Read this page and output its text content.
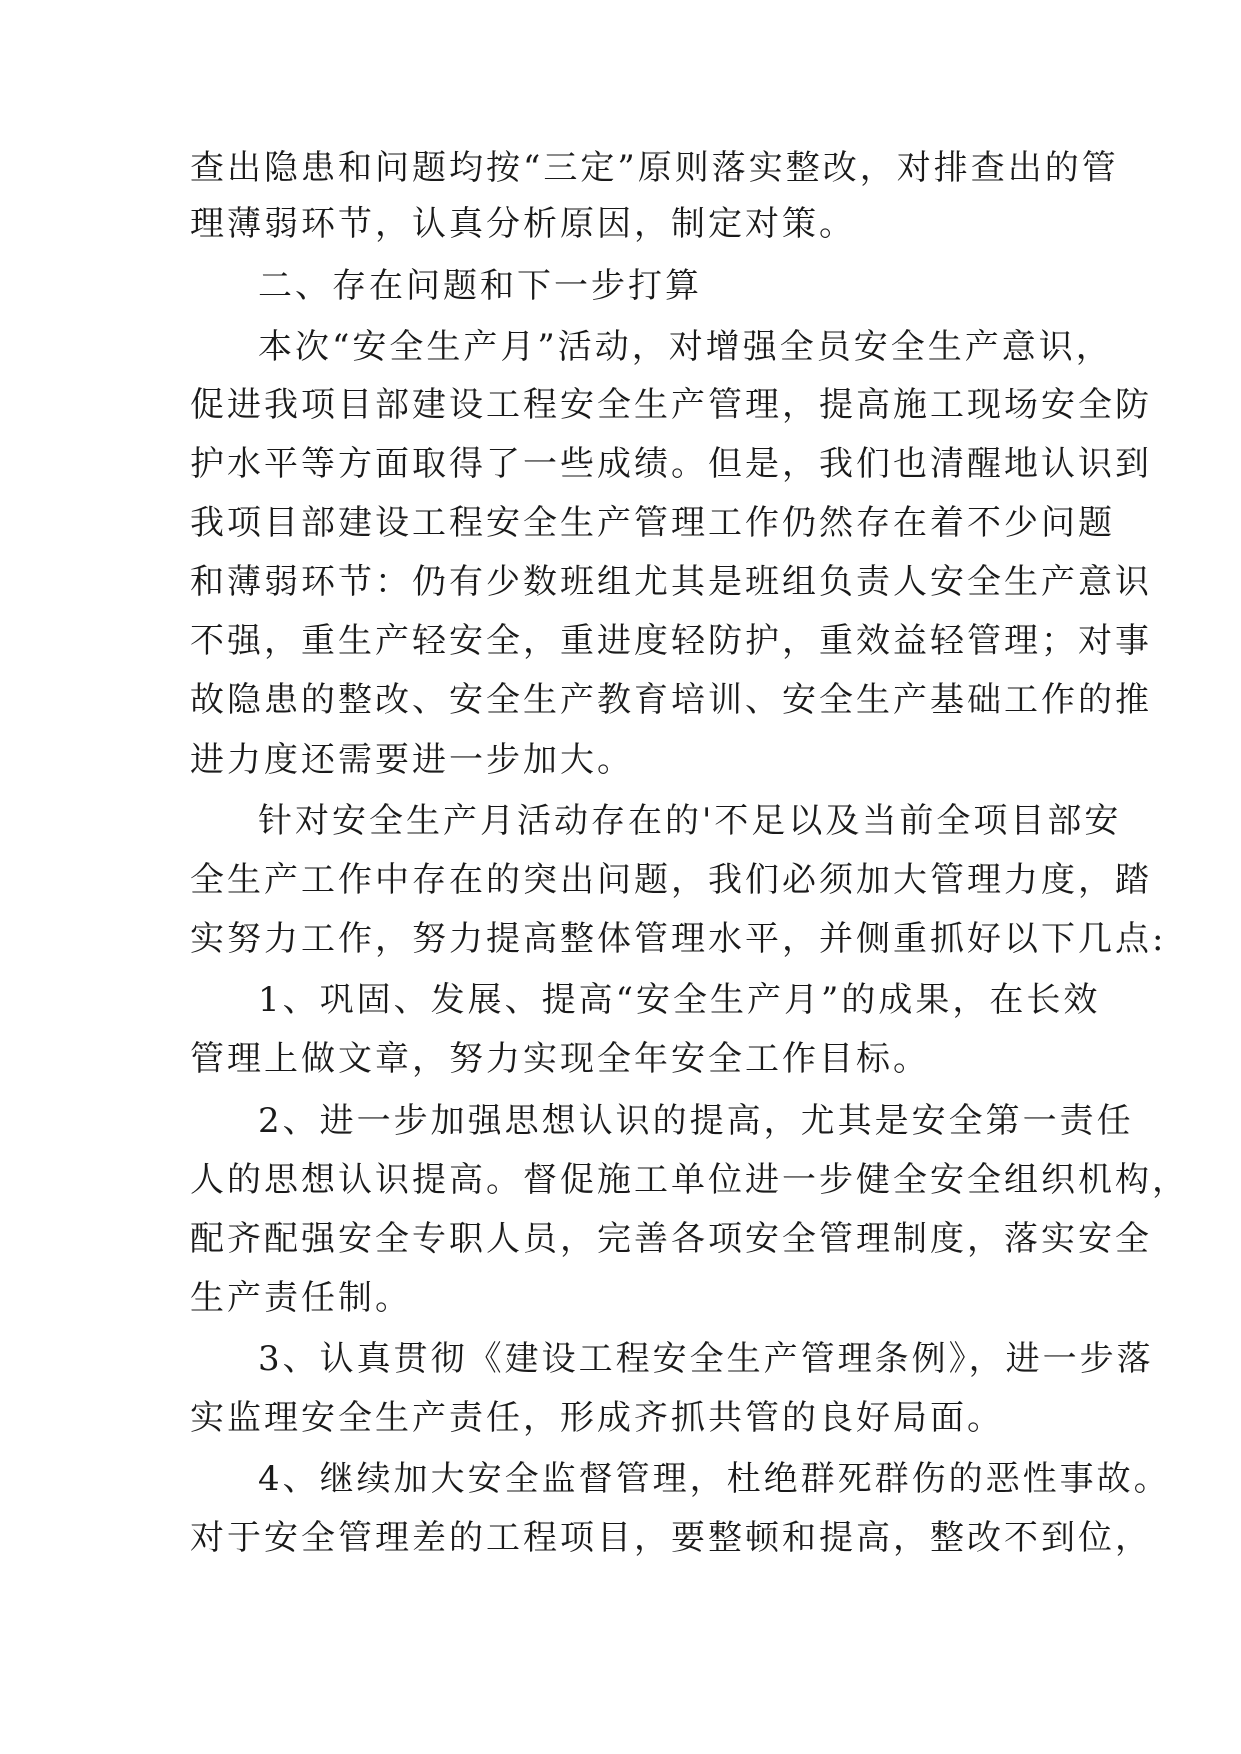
查出隐患和问题均按“三定”原则落实整改，对排查出的管
理薄弱环节，认真分析原因，制定对策。
二、存在问题和下一步打算
本次“安全生产月”活动，对增强全员安全生产意识，
促进我项目部建设工程安全生产管理，提高施工现场安全防
护水平等方面取得了一些成绩。但是，我们也清醒地认识到
我项目部建设工程安全生产管理工作仍然存在着不少问题
和薄弱环节：仍有少数班组尤其是班组负责人安全生产意识
不强，重生产轻安全，重进度轻防护，重效益轻管理；对事
故隐患的整改、安全生产教育培训、安全生产基础工作的推
进力度还需要进一步加大。
针对安全生产月活动存在的'不足以及当前全项目部安
全生产工作中存在的突出问题，我们必须加大管理力度，踏
实努力工作，努力提高整体管理水平，并侧重抓好以下几点:
1、巩固、发展、提高“安全生产月”的成果，在长效
管理上做文章，努力实现全年安全工作目标。
2、进一步加强思想认识的提高，尤其是安全第一责任
人的思想认识提高。督促施工单位进一步健全安全组织机构，
配齐配强安全专职人员，完善各项安全管理制度，落实安全
生产责任制。
3、认真贯彻《建设工程安全生产管理条例》，进一步落
实监理安全生产责任，形成齐抓共管的良好局面。
4、继续加大安全监督管理，杜绝群死群伤的恶性事故。
对于安全管理差的工程项目，要整顿和提高，整改不到位，
